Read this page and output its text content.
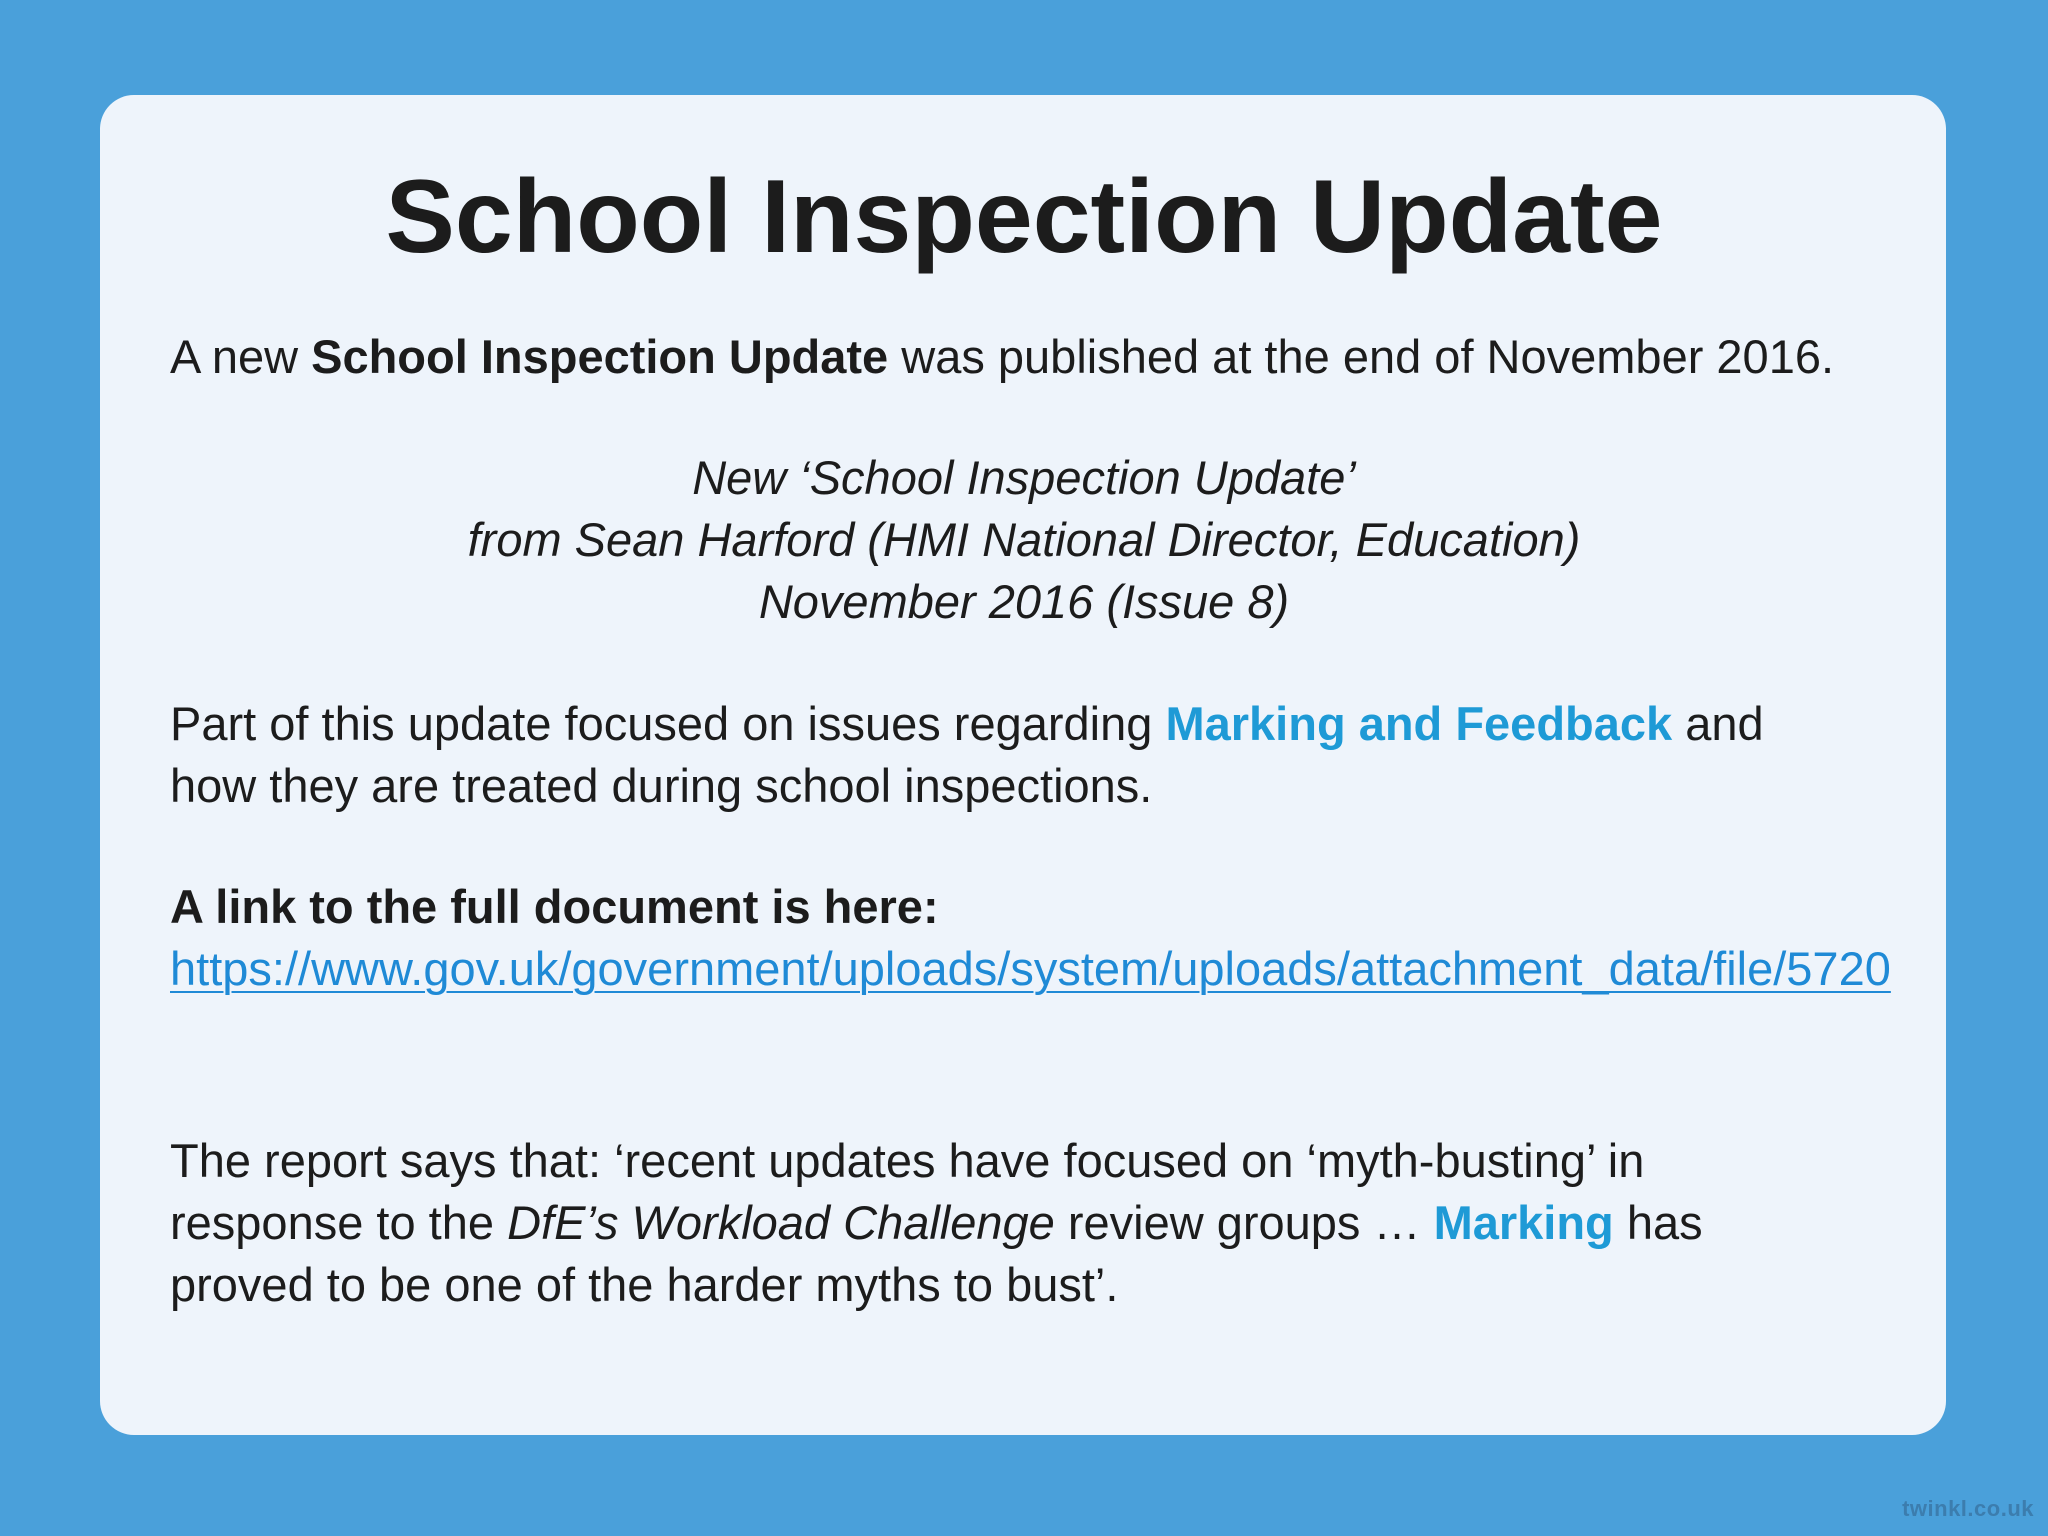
School Inspection Update

A new School Inspection Update was published at the end of November 2016.

New ‘School Inspection Update’
from Sean Harford (HMI National Director, Education)
November 2016 (Issue 8)

Part of this update focused on issues regarding Marking and Feedback and
how they are treated during school inspections.

A link to the full document is here:

https://www.gov.uk/government/uploads/system/uploads/attachment_data/file/5720

The report says that: ‘recent updates have focused on ‘myth-busting’ in
response to the DfE’s Workload Challenge review groups … Marking has
proved to be one of the harder myths to bust’.

twinkl.co.uk
